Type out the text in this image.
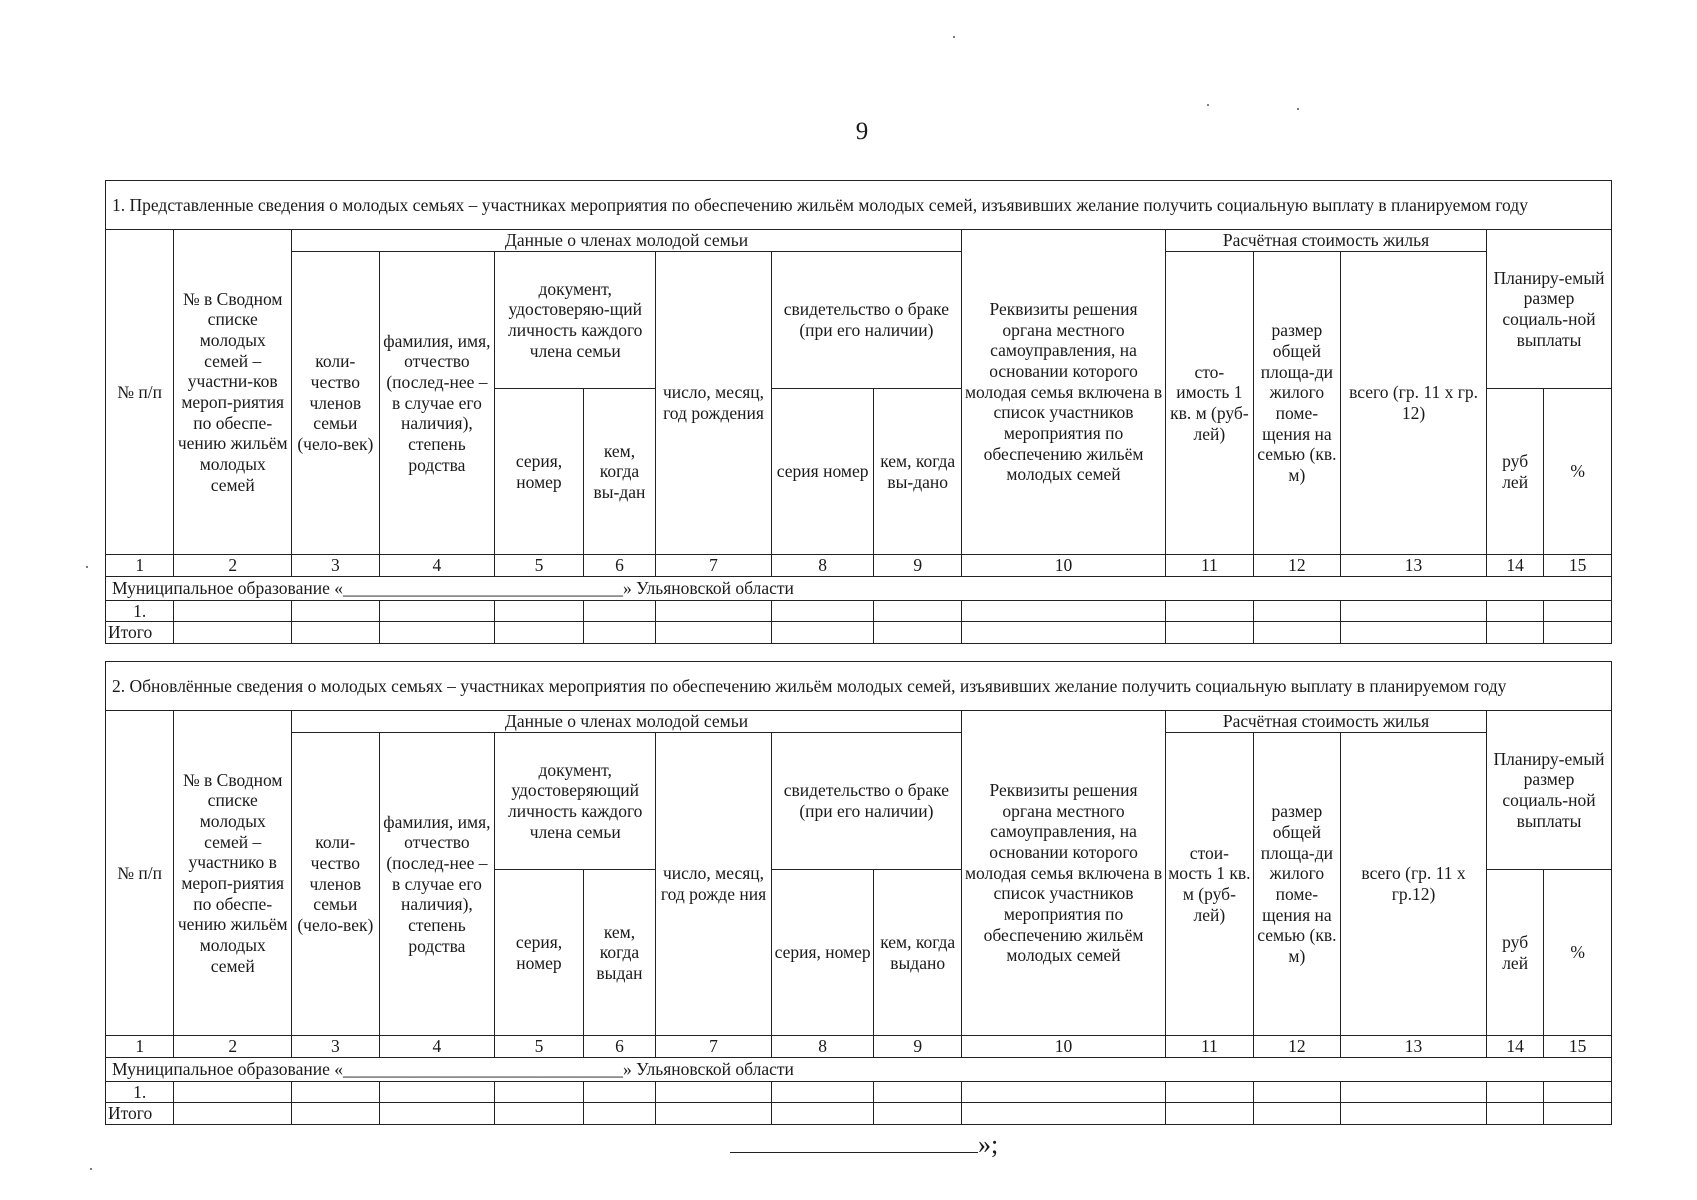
9
1. Представленные сведения о молодых семьях – участниках мероприятия по обеспечению жильём молодых семей, изъявивших желание получить социальную выплату в планируемом году
№ п/п	№ в Сводном списке молодых семей – участни-ков мероп-риятия по обеспе-чению жильём молодых семей	Данные о членах молодой семьи	Реквизиты решения органа местного самоуправления, на основании которого молодая семья включена в список участников мероприятия по обеспечению жильём молодых семей	Расчётная стоимость жилья	Планиру-емый размер социаль-ной выплаты
коли-чество членов семьи (чело-век)	фамилия, имя, отчество (послед-нее – в случае его наличия), степень родства	документ, удостоверяю-щий личность каждого члена семьи	число, месяц, год рождения	свидетельство о браке (при его наличии)	сто-имость 1 кв. м (руб-лей)	размер общей площа-ди жилого поме-щения на семью (кв. м)	всего (гр. 11 х гр. 12)
серия, номер	кем, когда вы-дан	серия номер	кем, когда вы-дано	руб лей	%
1	2	3	4	5	6	7	8	9	10	11	12	13	14	15
Муниципальное образование «________________________________» Ульяновской области
1.														
Итого														
2. Обновлённые сведения о молодых семьях – участниках мероприятия по обеспечению жильём молодых семей, изъявивших желание получить социальную выплату в планируемом году
№ п/п	№ в Сводном списке молодых семей – участнико в мероп-риятия по обеспе-чению жильём молодых семей	Данные о членах молодой семьи	Реквизиты решения органа местного самоуправления, на основании которого молодая семья включена в список участников мероприятия по обеспечению жильём молодых семей	Расчётная стоимость жилья	Планиру-емый размер социаль-ной выплаты
коли-чество членов семьи (чело-век)	фамилия, имя, отчество (послед-нее – в случае его наличия), степень родства	документ, удостоверяющий личность каждого члена семьи	число, месяц, год рожде ния	свидетельство о браке (при его наличии)	стои-мость 1 кв. м (руб-лей)	размер общей площа-ди жилого поме-щения на семью (кв. м)	всего (гр. 11 х гр.12)
серия, номер	кем, когда выдан	серия, номер	кем, когда выдано	руб лей	%
1	2	3	4	5	6	7	8	9	10	11	12	13	14	15
Муниципальное образование «________________________________» Ульяновской области
1.														
Итого														
»;
